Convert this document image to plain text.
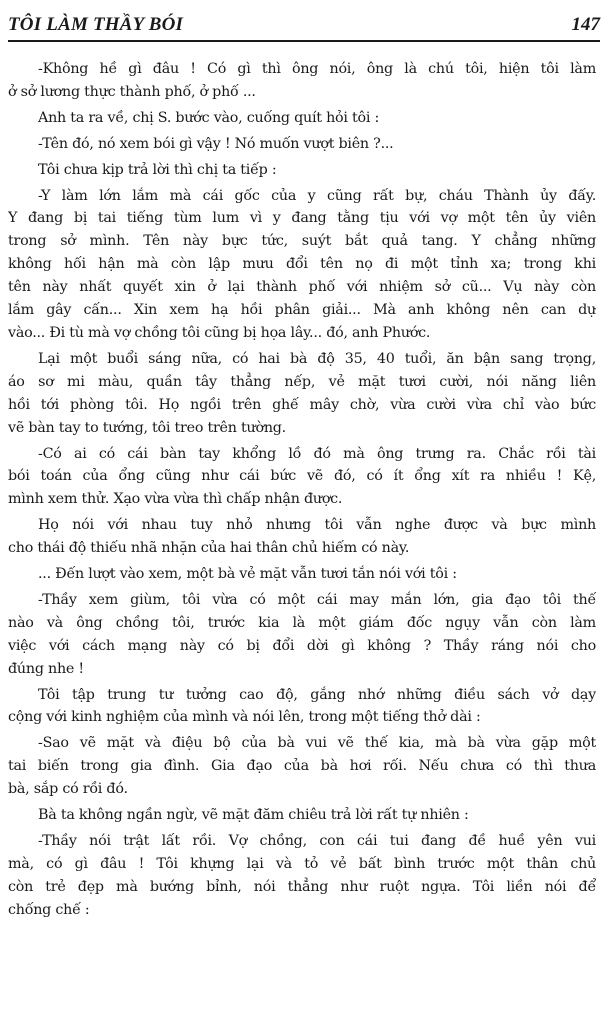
TÔI LÀM THẦY BÓI	147
-Không hề gì đâu ! Có gì thì ông nói, ông là chú tôi, hiện tôi làm
ở sở lương thực thành phố, ở phố ...
Anh ta ra về, chị S. bước vào, cuống quít hỏi tôi :
-Tên đó, nó xem bói gì vậy ! Nó muốn vượt biên ?...
Tôi chưa kịp trả lời thì chị ta tiếp :
-Y làm lớn lắm mà cái gốc của y cũng rất bự, cháu Thành ủy đấy.
Y đang bị tai tiếng tùm lum vì y đang tằng tịu với vợ một tên ủy viên
trong sở mình. Tên này bực tức, suýt bắt quả tang. Y chẳng những
không hối hận mà còn lập mưu đổi tên nọ đi một tỉnh xa; trong khi
tên này nhất quyết xin ở lại thành phố với nhiệm sở cũ... Vụ này còn
lắm gây cấn... Xin xem hạ hồi phân giải... Mà anh không nên can dự
vào... Đi tù mà vợ chồng tôi cũng bị họa lây... đó, anh Phước.
Lại một buổi sáng nữa, có hai bà độ 35, 40 tuổi, ăn bận sang trọng,
áo sơ mi màu, quần tây thẳng nếp, vẻ mặt tươi cười, nói năng liên
hồi tới phòng tôi. Họ ngồi trên ghế mây chờ, vừa cười vừa chỉ vào bức
vẽ bàn tay to tướng, tôi treo trên tường.
-Có ai có cái bàn tay khổng lồ đó mà ông trưng ra. Chắc rồi tài
bói toán của ổng cũng như cái bức vẽ đó, có ít ổng xít ra nhiều ! Kệ,
mình xem thử. Xạo vừa vừa thì chấp nhận được.
Họ nói với nhau tuy nhỏ nhưng tôi vẫn nghe được và bực mình
cho thái độ thiếu nhã nhặn của hai thân chủ hiếm có này.
... Đến lượt vào xem, một bà vẻ mặt vẫn tươi tắn nói với tôi :
-Thầy xem giùm, tôi vừa có một cái may mắn lớn, gia đạo tôi thế
nào và ông chồng tôi, trước kia là một giám đốc ngụy vẫn còn làm
việc với cách mạng này có bị đổi dời gì không ? Thầy ráng nói cho
đúng nhe !
Tôi tập trung tư tưởng cao độ, gắng nhớ những điều sách vở dạy
cộng với kinh nghiệm của mình và nói lên, trong một tiếng thở dài :
-Sao vẽ mặt và điệu bộ của bà vui vẽ thế kia, mà bà vừa gặp một
tai biến trong gia đình. Gia đạo của bà hơi rối. Nếu chưa có thì thưa
bà, sắp có rồi đó.
Bà ta không ngần ngừ, vẽ mặt đăm chiêu trả lời rất tự nhiên :
-Thầy nói trật lất rồi. Vợ chồng, con cái tui đang đề huề yên vui
mà, có gì đâu ! Tôi khựng lại và tỏ vẻ bất bình trước một thân chủ
còn trẻ đẹp mà bướng bỉnh, nói thẳng như ruột ngựa. Tôi liền nói để
chống chế :
